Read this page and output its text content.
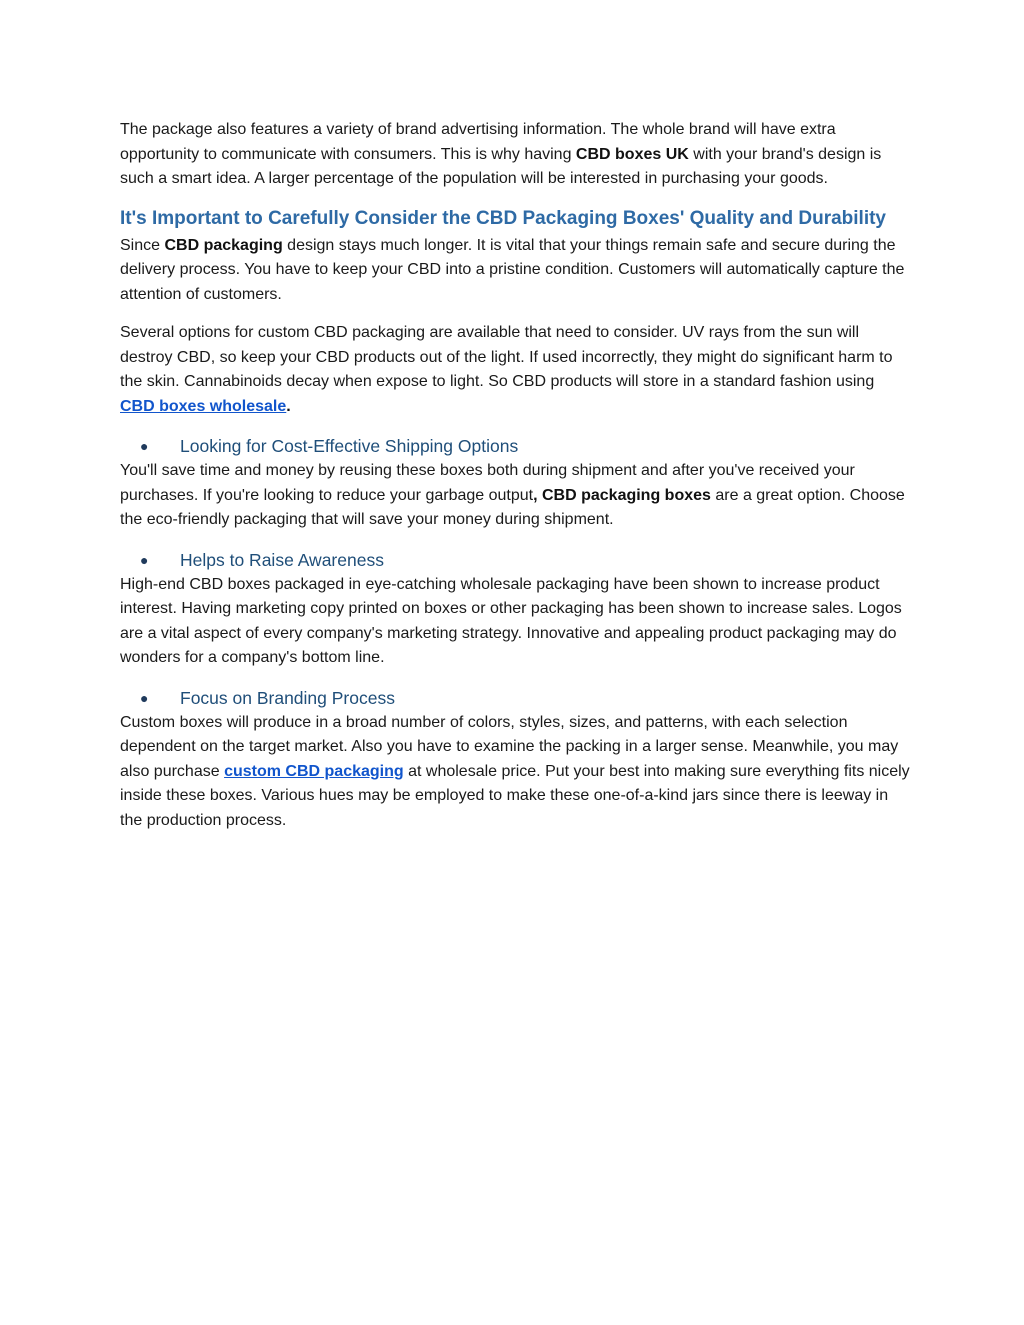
The package also features a variety of brand advertising information. The whole brand will have extra opportunity to communicate with consumers. This is why having CBD boxes UK with your brand's design is such a smart idea. A larger percentage of the population will be interested in purchasing your goods.

It's Important to Carefully Consider the CBD Packaging Boxes' Quality and Durability

Since CBD packaging design stays much longer. It is vital that your things remain safe and secure during the delivery process. You have to keep your CBD into a pristine condition. Customers will automatically capture the attention of customers.

Several options for custom CBD packaging are available that need to consider. UV rays from the sun will destroy CBD, so keep your CBD products out of the light. If used incorrectly, they might do significant harm to the skin. Cannabinoids decay when expose to light. So CBD products will store in a standard fashion using CBD boxes wholesale.

●	Looking for Cost-Effective Shipping Options

You'll save time and money by reusing these boxes both during shipment and after you've received your purchases. If you're looking to reduce your garbage output, CBD packaging boxes are a great option. Choose the eco-friendly packaging that will save your money during shipment.

●	Helps to Raise Awareness

High-end CBD boxes packaged in eye-catching wholesale packaging have been shown to increase product interest. Having marketing copy printed on boxes or other packaging has been shown to increase sales. Logos are a vital aspect of every company's marketing strategy. Innovative and appealing product packaging may do wonders for a company's bottom line.

●	Focus on Branding Process

Custom boxes will produce in a broad number of colors, styles, sizes, and patterns, with each selection dependent on the target market. Also you have to examine the packing in a larger sense. Meanwhile, you may also purchase custom CBD packaging at wholesale price. Put your best into making sure everything fits nicely inside these boxes. Various hues may be employed to make these one-of-a-kind jars since there is leeway in the production process.
